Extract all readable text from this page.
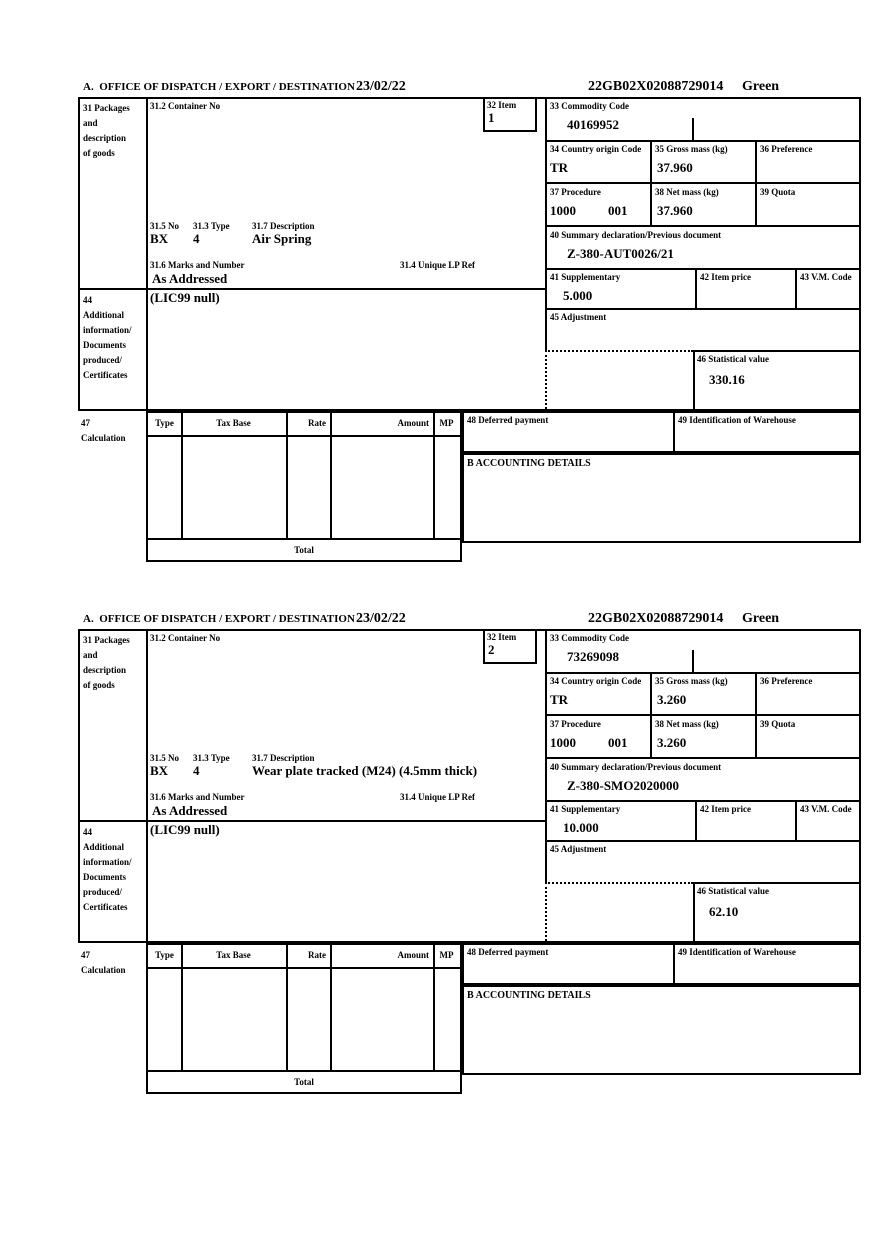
A.  OFFICE OF DISPATCH / EXPORT / DESTINATION 23/02/22	22GB02X02088729014 Green
31 Packages
and
description
of goods
44
Additional
information/
Documents
produced/
Certificates
31.2 Container No	32 Item
1
31.5 No 31.3 Type 31.7 Description
BX 4	Air Spring
31.6 Marks and Number	31.4 Unique LP Ref
As Addressed
(LIC99 null)
33 Commodity Code
40169952
34 Country origin Code
TR
35 Gross mass (kg)
37.960
36 Preference
37 Procedure
1000 001
38 Net mass (kg)
37.960
39 Quota
40 Summary declaration/Previous document
Z-380-AUT0026/21
41 Supplementary
5.000
42 Item price	43 V.M. Code
45 Adjustment
46 Statistical value
330.16
47
Calculation
Type	Tax Base	Rate	Amount	MP
Total
48 Deferred payment	49 Identification of Warehouse
B ACCOUNTING DETAILS
A.  OFFICE OF DISPATCH / EXPORT / DESTINATION 23/02/22	22GB02X02088729014 Green
31 Packages
and
description
of goods
44
Additional
information/
Documents
produced/
Certificates
31.2 Container No	32 Item
2
31.5 No 31.3 Type 31.7 Description
BX 4	Wear plate tracked (M24) (4.5mm thick)
31.6 Marks and Number	31.4 Unique LP Ref
As Addressed
(LIC99 null)
33 Commodity Code
73269098
34 Country origin Code
TR
35 Gross mass (kg)
3.260
36 Preference
37 Procedure
1000 001
38 Net mass (kg)
3.260
39 Quota
40 Summary declaration/Previous document
Z-380-SMO2020000
41 Supplementary
10.000
42 Item price	43 V.M. Code
45 Adjustment
46 Statistical value
62.10
47
Calculation
Type	Tax Base	Rate	Amount	MP
Total
48 Deferred payment	49 Identification of Warehouse
B ACCOUNTING DETAILS
